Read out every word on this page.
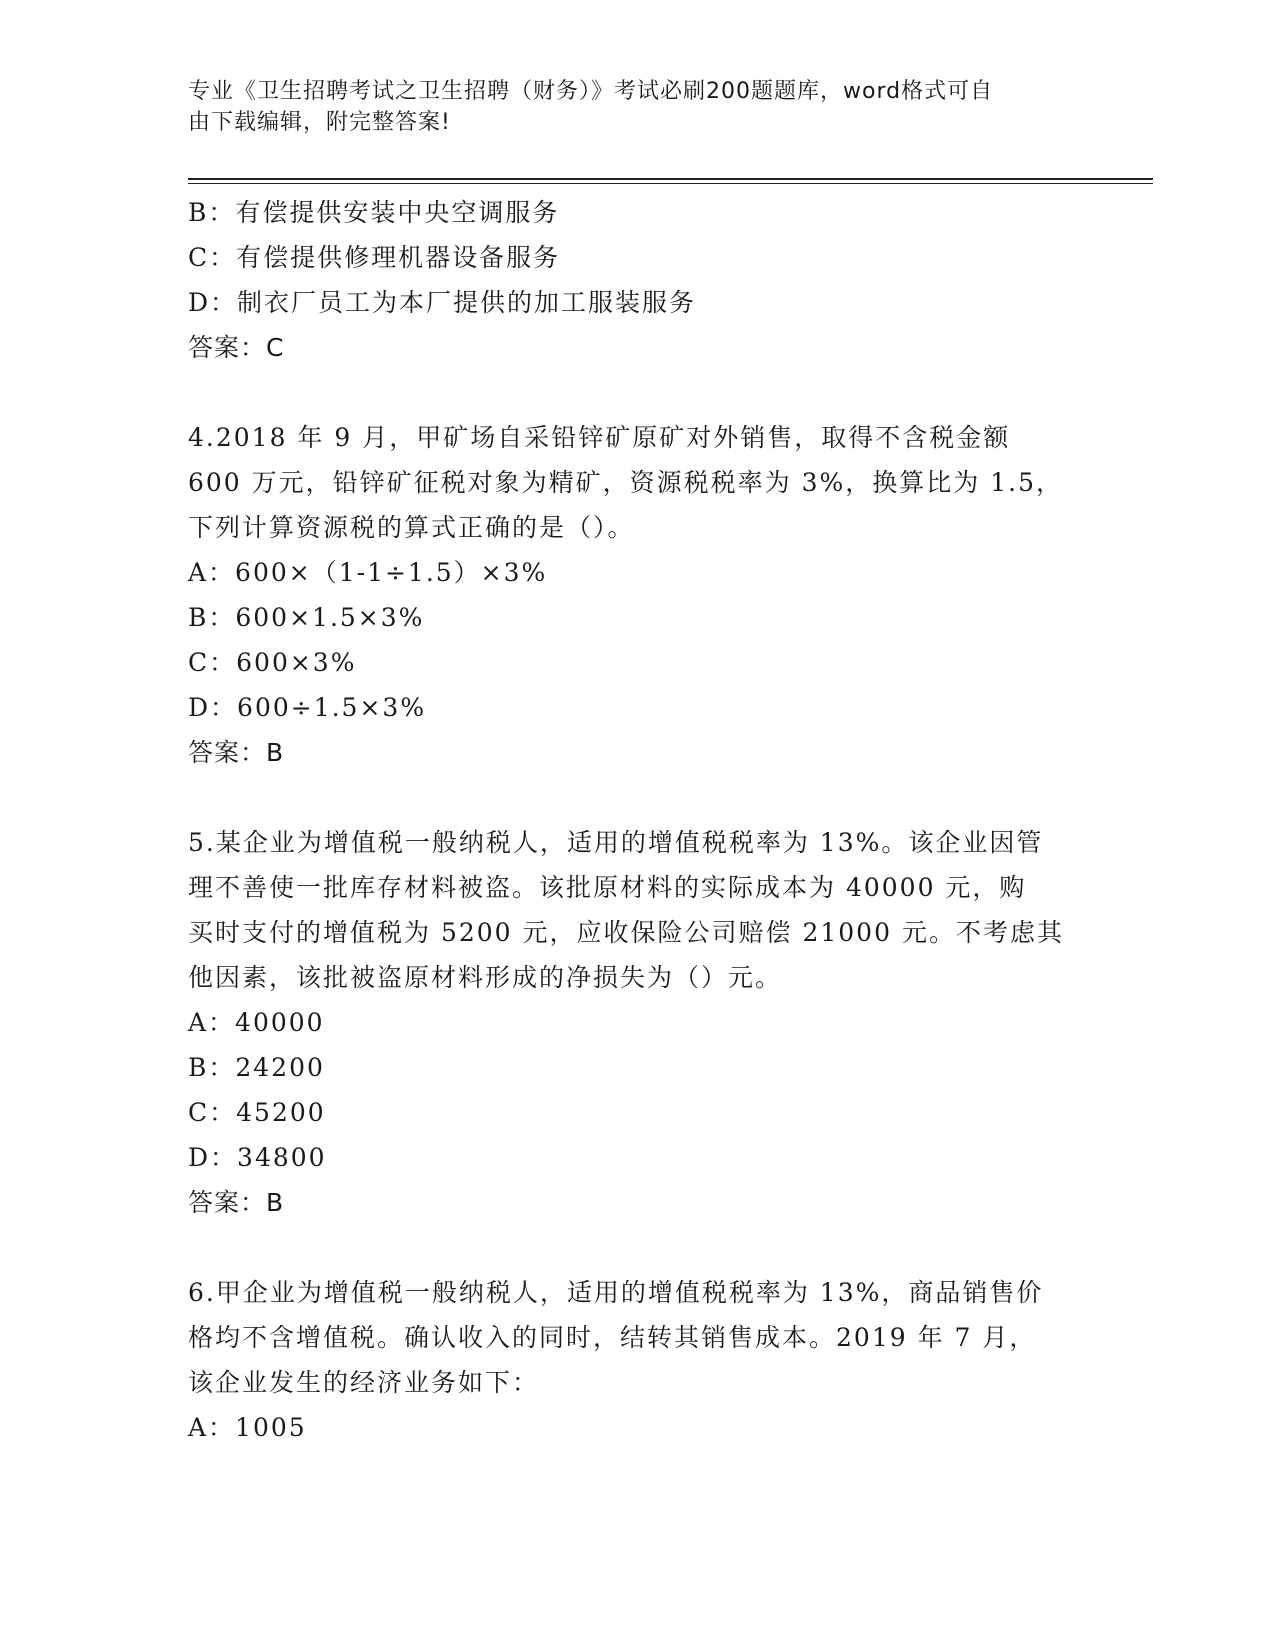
专业《卫生招聘考试之卫生招聘（财务）》考试必刷200题题库，word格式可自
由下载编辑，附完整答案!
B：有偿提供安装中央空调服务
C：有偿提供修理机器设备服务
D：制衣厂员工为本厂提供的加工服装服务
答案：C
4.2018 年 9 月，甲矿场自采铅锌矿原矿对外销售，取得不含税金额
600 万元，铅锌矿征税对象为精矿，资源税税率为 3%，换算比为 1.5，
下列计算资源税的算式正确的是（）。
A：600×（1-1÷1.5）×3%
B：600×1.5×3%
C：600×3%
D：600÷1.5×3%
答案：B
5.某企业为增值税一般纳税人，适用的增值税税率为 13%。该企业因管
理不善使一批库存材料被盗。该批原材料的实际成本为 40000 元，购
买时支付的增值税为 5200 元，应收保险公司赔偿 21000 元。不考虑其
他因素，该批被盗原材料形成的净损失为（）元。
A：40000
B：24200
C：45200
D：34800
答案：B
6.甲企业为增值税一般纳税人，适用的增值税税率为 13%，商品销售价
格均不含增值税。确认收入的同时，结转其销售成本。2019 年 7 月，
该企业发生的经济业务如下：
A：1005
